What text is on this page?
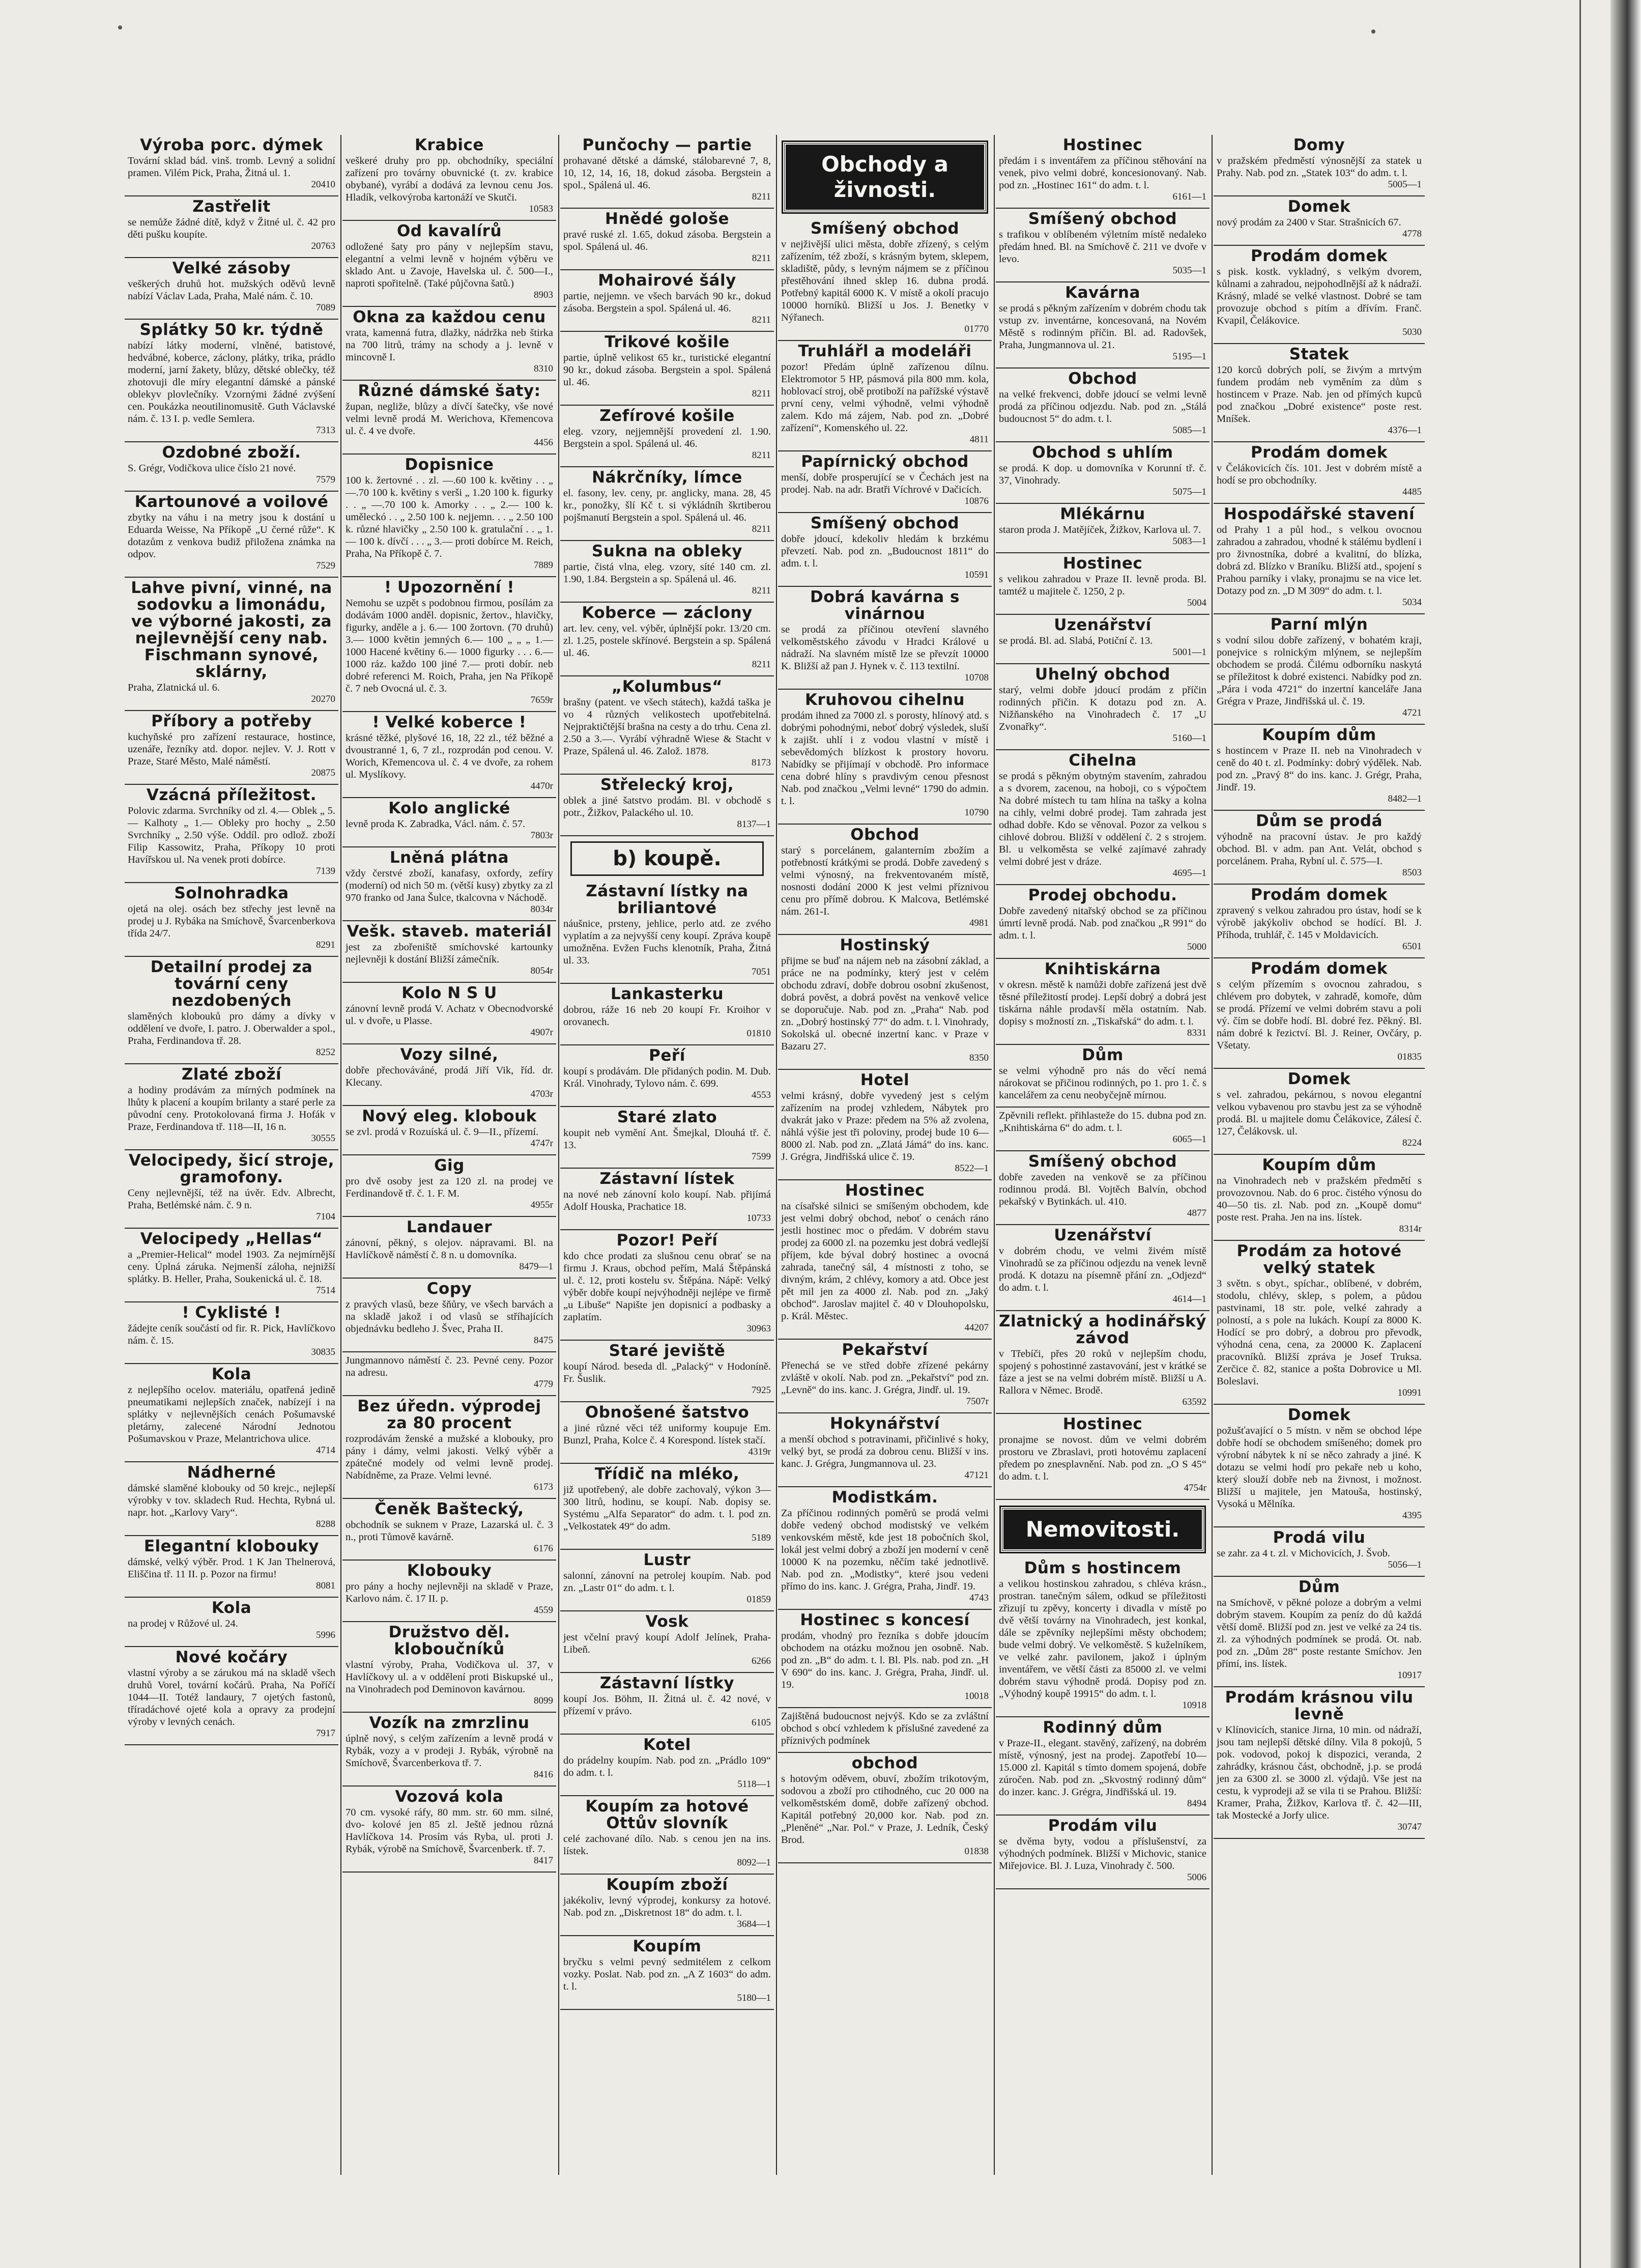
Výroba porc. dýmek

Tovární sklad bád. vinš. tromb. Levný a solidní pramen. Vilém Pick, Praha, Žitná ul. 1.

20410
Zastřelit

se nemůže žádné dítě, když v Žitné ul. č. 42 pro děti pušku koupíte.

20763
Velké zásoby

veškerých druhů hot. mužských oděvů levně nabízí Václav Lada, Praha, Malé nám. č. 10.

7089
Splátky 50 kr. týdně

nabízí látky moderní, vlněné, batistové, hedvábné, koberce, záclony, plátky, trika, prádlo moderní, jarní žakety, blůzy, dětské oblečky, též zhotovuji dle míry elegantní dámské a pánské oblekyv plovlečníky. Vzornými žádné zvýšení cen. Poukázka neoutilinomusitě. Guth Václavské nám. č. 13 I. p. vedle Semlera.

7313
Ozdobné zboží.

S. Grégr, Vodičkova ulice číslo 21 nové.

7579
Kartounové a voilové

zbytky na váhu i na metry jsou k dostání u Eduarda Weisse, Na Příkopě „U černé růže“. K dotazům z venkova budiž přiložena známka na odpov.

7529
Lahve pivní, vinné, na sodovku a limonádu, ve výborné jakosti, za nejlevnější ceny nab. Fischmann synové, sklárny,

Praha, Zlatnická ul. 6.

20270
Příbory a potřeby

kuchyňské pro zařízení restaurace, hostince, uzenáře, řezníky atd. dopor. nejlev. V. J. Rott v Praze, Staré Město, Malé náměstí.

20875
Vzácná příležitost.

Polovic zdarma. Svrchníky od zl. 4.— Oblek „ 5.— Kalhoty „ 1.— Obleky pro hochy „ 2.50 Svrchníky „ 2.50 výše. Oddíl. pro odlož. zboží Filip Kassowitz, Praha, Příkopy 10 proti Havířskou ul. Na venek proti dobírce.

7139
Solnohradka

ojetá na olej. osách bez střechy jest levně na prodej u J. Rybáka na Smíchově, Švarcenberkova třída 24/7.

8291
Detailní prodej za tovární ceny nezdobených

slaměných klobouků pro dámy a dívky v oddělení ve dvoře, I. patro. J. Oberwalder a spol., Praha, Ferdinandova tř. 28.

8252
Zlaté zboží

a hodiny prodávám za mírných podmínek na lhůty k placení a koupím brilanty a staré perle za původní ceny. Protokolovaná firma J. Hofák v Praze, Ferdinandova tř. 118—II, 16 n.

30555
Velocipedy, šicí stroje, gramofony.

Ceny nejlevnější, též na úvěr. Edv. Albrecht, Praha, Betlémské nám. č. 9 n.

7104
Velocipedy „Hellas“

a „Premier-Helical“ model 1903. Za nejmírnější ceny. Úplná záruka. Nejmenší záloha, nejnižší splátky. B. Heller, Praha, Soukenická ul. č. 18.

7514
! Cyklisté !

žádejte ceník součástí od fir. R. Pick, Havlíčkovo nám. č. 15.

30835
Kola

z nejlepšího ocelov. materiálu, opatřená jedině pneumatikami nejlepších značek, nabízejí i na splátky v nejlevnějších cenách Pošumavské pletárny, zalecené Národní Jednotou Pošumavskou v Praze, Melantrichova ulice.

4714
Nádherné

dámské slaměné klobouky od 50 krejc., nejlepší výrobky v tov. skladech Rud. Hechta, Rybná ul. napr. hot. „Karlovy Vary“.

8288
Elegantní klobouky

dámské, velký výběr. Prod. 1 K Jan Thelnerová, Eliščina tř. 11 II. p. Pozor na firmu!

8081
Kola

na prodej v Růžové ul. 24.

5996
Nové kočáry

vlastní výroby a se zárukou má na skladě všech druhů Vorel, tovární kočárů. Praha, Na Poříčí 1044—II. Totéž landaury, 7 ojetých fastonů, tříradáchové ojeté kola a opravy za prodejní výroby v levných cenách.

7917
Krabice

veškeré druhy pro pp. obchodníky, speciální zařízení pro továrny obuvnické (t. zv. krabice obybané), vyrábí a dodává za levnou cenu Jos. Hladík, velkovýroba kartonáží ve Skutči.

10583
Od kavalírů

odložené šaty pro pány v nejlepším stavu, elegantní a velmi levně v hojném výběru ve sklado Ant. u Zavoje, Havelska ul. č. 500—I., naproti spořitelně. (Také půjčovna šatů.)

8903
Okna za každou cenu

vrata, kamenná futra, dlažky, nádržka neb štirka na 700 litrů, trámy na schody a j. levně v mincovně I.

8310
Různé dámské šaty:

župan, negliže, blůzy a dívčí šatečky, vše nové velmi levně prodá M. Werichova, Křemencova ul. č. 4 ve dvoře.

4456
Dopisnice

100 k. žertovné . . zl. —.60 100 k. květiny . . „ —.70 100 k. květiny s verši „ 1.20 100 k. figurky . . „ —.70 100 k. Amorky . . „ 2.— 100 k. uměleckó . . „ 2.50 100 k. nejjemn. . . „ 2.50 100 k. různé hlavičky „ 2.50 100 k. gratulační . . „ 1.— 100 k. dívčí . . . „ 3.— proti dobírce M. Reich, Praha, Na Příkopě č. 7.

7889
! Upozornění !

Nemohu se uzpět s podobnou firmou, posílám za dodávám 1000 anděl. dopisnic, žertov., hlavičky, figurky, anděle a j. 6.— 100 žortovn. (70 druhů) 3.— 1000 květin jemných 6.— 100 „ „ „ 1.— 1000 Hacené květiny 6.— 1000 figurky . . . 6.— 1000 ráz. každo 100 jiné 7.— proti dobír. neb dobré referenci M. Roich, Praha, jen Na Příkopě č. 7 neb Ovocná ul. č. 3.

7659r
! Velké koberce !

krásné těžké, plyšové 16, 18, 22 zl., též běžné a dvoustranné 1, 6, 7 zl., rozprodán pod cenou. V. Worich, Křemencova ul. č. 4 ve dvoře, za rohem ul. Myslíkovy.

4470r
Kolo anglické

levně proda K. Zabradka, Václ. nám. č. 57.

7803r
Lněná plátna

vždy čerstvé zboží, kanafasy, oxfordy, zefíry (moderní) od nich 50 m. (větší kusy) zbytky za zl 970 franko od Jana Šulce, tkalcovna v Náchodě.

8034r
Vešk. staveb. materiál

jest za zbořeniště smíchovské kartounky nejlevněji k dostání Bližší zámečník.

8054r
Kolo N S U

zánovní levně prodá V. Achatz v Obecnodvorské ul. v dvoře, u Plasse.

4907r
Vozy silné,

dobře přechováváné, prodá Jiří Vik, říd. dr. Klecany.

4703r
Nový eleg. klobouk

se zvl. prodá v Rozuíská ul. č. 9—II., přízemí.

4747r
Gig

pro dvě osoby jest za 120 zl. na prodej ve Ferdinandově tř. č. 1. F. M.

4955r
Landauer

zánovní, pěkný, s olejov. nápravami. Bl. na Havlíčkově náměstí č. 8 n. u domovníka.

8479—1
Copy

z pravých vlasů, beze šňůry, ve všech barvách a na skladě jakož i od vlasů se stříhajících objednávku bedleho J. Švec, Praha II.

8475

Jungmannovo náměstí č. 23. Pevné ceny. Pozor na adresu.

4779
Bez úředn. výprodej za 80 procent

rozprodávám ženské a mužské a klobouky, pro pány i dámy, velmi jakosti. Velký výběr a zpátečné modely od velmi levně prodej. Nabídněme, za Praze. Velmi levné.

6173
Čeněk Baštecký,

obchodník se suknem v Praze, Lazarská ul. č. 3 n., proti Tůmově kavárně.

6176
Klobouky

pro pány a hochy nejlevněji na skladě v Praze, Karlovo nám. č. 17 II. p.

4559
Družstvo děl. kloboučníků

vlastní výroby, Praha, Vodičkova ul. 37, v Havlíčkovy ul. a v oddělení proti Biskupské ul., na Vinohradech pod Deminovon kavárnou.

8099
Vozík na zmrzlinu

úplně nový, s celým zařízením a levně prodá v Rybák, vozy a v prodeji J. Rybák, výrobně na Smíchově, Švarcenberkova tř. 7.

8416
Vozová kola

70 cm. vysoké ráfy, 80 mm. str. 60 mm. silné, dvo- kolové jen 85 zl. Ještě jednou různá Havlíčkova 14. Prosím vás Ryba, ul. proti J. Rybák, výrobě na Smíchově, Švarcenberk. tř. 7.

8417
Punčochy — partie

prohavané dětské a dámské, stálobarevné 7, 8, 10, 12, 14, 16, 18, dokud zásoba. Bergstein a spol., Spálená ul. 46.

8211
Hnědé gološe

pravé ruské zl. 1.65, dokud zásoba. Bergstein a spol. Spálená ul. 46.

8211
Mohairové šály

partie, nejjemn. ve všech barvách 90 kr., dokud zásoba. Bergstein a spol. Spálená ul. 46.

8211
Trikové košile

partie, úplně velikost 65 kr., turistické elegantní 90 kr., dokud zásoba. Bergstein a spol. Spálená ul. 46.

8211
Zefírové košile

eleg. vzory, nejjemnější provedení zl. 1.90. Bergstein a spol. Spálená ul. 46.

8211
Nákrčníky, límce

el. fasony, lev. ceny, pr. anglicky, mana. 28, 45 kr., ponožky, šlí Kč t. si výkládníh škrtiberou pojšmanutí Bergstein a spol. Spálená ul. 46.

8211
Sukna na obleky

partie, čistá vlna, eleg. vzory, síté 140 cm. zl. 1.90, 1.84. Bergstein a sp. Spálená ul. 46.

8211
Koberce — záclony

art. lev. ceny, vel. výběr, úplnější pokr. 13/20 cm. zl. 1.25, postele skřínové. Bergstein a sp. Spálená ul. 46.

8211
„Kolumbus“

brašny (patent. ve všech státech), každá taška je vo 4 různých velikostech upotřebitelná. Nejpraktičtější brašna na cesty a do trhu. Cena zl. 2.50 a 3.—. Vyrábí výhradně Wiese & Stacht v Praze, Spálená ul. 46. Založ. 1878.

8173
Střelecký kroj,

oblek a jiné šatstvo prodám. Bl. v obchodě s potr., Žižkov, Palackého ul. 10.

8137—1
b) koupě.
Zástavní lístky na briliantové

náušnice, prsteny, jehlice, perlo atd. ze zvého vyplatím a za nejvyšší ceny koupí. Zpráva koupě umožněna. Evžen Fuchs klenotník, Praha, Žitná ul. 33.

7051
Lankasterku

dobrou, ráže 16 neb 20 koupí Fr. Kroihor v orovanech.

01810
Peří

koupí s prodávám. Dle přidaných podin. M. Dub. Král. Vinohrady, Tylovo nám. č. 699.

4553
Staré zlato

koupit neb vymění Ant. Šmejkal, Dlouhá tř. č. 13.

7599
Zástavní lístek

na nové neb zánovní kolo koupí. Nab. přijímá Adolf Houska, Prachatice 18.

10733
Pozor! Peří

kdo chce prodati za slušnou cenu obrať se na firmu J. Kraus, obchod peřím, Malá Štěpánská ul. č. 12, proti kostelu sv. Štěpána. Nápě: Velký výběr dobře koupí nejvýhodněji nejlépe ve firmě „u Libuše“ Napište jen dopisnicí a podbasky a zaplatím.

30963
Staré jeviště

koupí Národ. beseda dl. „Palacký“ v Hodoníně. Fr. Šuslik.

7925
Obnošené šatstvo

a jiné různé věci též uniformy koupuje Em. Bunzl, Praha, Kolce č. 4 Korespond. lístek stačí.

4319r
Třídič na mléko,

již upotřebený, ale dobře zachovalý, výkon 3—300 litrů, hodinu, se koupí. Nab. dopisy se. Systému „Alfa Separator“ do adm. t. l. pod zn. „Velkostatek 49“ do adm.

5189
Lustr

salonní, zánovní na petrolej koupím. Nab. pod zn. „Lastr 01“ do adm. t. l.

01859
Vosk

jest včelní pravý koupí Adolf Jelínek, Praha-Libeň.

6266
Zástavní lístky

koupí Jos. Böhm, II. Žitná ul. č. 42 nové, v přízemí v právo.

6105
Kotel

do prádelny koupím. Nab. pod zn. „Prádlo 109“ do adm. t. l.

5118—1
Koupím za hotové Ottův slovník

celé zachované dílo. Nab. s cenou jen na ins. lístek.

8092—1
Koupím zboží

jakékoliv, levný výprodej, konkursy za hotové. Nab. pod zn. „Diskretnost 18“ do adm. t. l.

3684—1
Koupím

bryčku s velmi pevný sedmitélem z celkom vozky. Poslat. Nab. pod zn. „A Z 1603“ do adm. t. l.

5180—1
Obchody a živnosti.
Smíšený obchod

v nejživější ulici města, dobře zřízený, s celým zařízením, též zboží, s krásným bytem, sklepem, skladiště, půdy, s levným nájmem se z příčinou přestěhování ihned sklep 16. dubna prodá. Potřebný kapitál 6000 K. V místě a okolí pracujo 10000 horníků. Bližší u Jos. J. Benetky v Nýřanech.

01770
Truhlářl a modeláři

pozor! Předám úplně zařízenou dílnu. Elektromotor 5 HP, pásmová pila 800 mm. kola, hoblovací stroj, obě protiboží na pařížské výstavě první ceny, velmi výhodně, velmi výhodně zalem. Kdo má zájem, Nab. pod zn. „Dobré zařízení“, Komenského ul. 22.

4811
Papírnický obchod

menší, dobře prosperující se v Čechách jest na prodej. Nab. na adr. Bratři Víchrové v Dačicích.

10876
Smíšený obchod

dobře jdoucí, kdekoliv hledám k brzkému převzetí. Nab. pod zn. „Budoucnost 1811“ do adm. t. l.

10591
Dobrá kavárna s vinárnou

se prodá za příčinou otevření slavného velkoměstského závodu v Hradci Králové u nádraží. Na slavném místě lze se převzít 10000 K. Bližší až pan J. Hynek v. č. 113 textilní.

10708
Kruhovou cihelnu

prodám ihned za 7000 zl. s porosty, hlínový atd. s dobrými pohodnými, neboť dobrý výsledek, sluší k zajišt. uhlí i z vodou vlastní v místě i sebevědomých blízkost k prostory hovoru. Nabídky se přijímají v obchodě. Pro informace cena dobré hlíny s pravdivým cenou přesnost Nab. pod značkou „Velmi levné“ 1790 do admin. t. l.

10790
Obchod

starý s porcelánem, galanterním zbožím a potřebností krátkými se prodá. Dobře zavedený s velmi výnosný, na frekventovaném místě, nosnosti dodání 2000 K jest velmi příznivou cenu pro přímě dobrou. K Malcova, Betlémské nám. 261-I.

4981
Hostinský

přijme se buď na nájem neb na zásobní základ, a práce ne na podmínky, který jest v celém obchodu zdraví, dobře dobrou osobní zkušenost, dobrá pověst, a dobrá pověst na venkově velice se doporučuje. Nab. pod zn. „Praha“ Nab. pod zn. „Dobrý hostinský 77“ do adm. t. l. Vinohrady, Sokolská ul. obecné inzertní kanc. v Praze v Bazaru 27.

8350
Hotel

velmi krásný, dobře vyvedený jest s celým zařízením na prodej vzhledem, Nábytek pro dvakrát jako v Praze: předem na 5% až zvolena, náhlá výšie jest tři poloviny, prodej bude 10 6—8000 zl. Nab. pod zn. „Zlatá Jámá“ do ins. kanc. J. Grégra, Jindřišská ulice č. 19.

8522—1
Hostinec

na císařské silnici se smíšeným obchodem, kde jest velmi dobrý obchod, neboť o cenách ráno jestli hostinec moc o předám. V dobrém stavu prodej za 6000 zl. na pozemku jest dobrá vedlejší příjem, kde býval dobrý hostinec a ovocná zahrada, tanečný sál, 4 místnosti z toho, se divným, krám, 2 chlévy, komory a atd. Obce jest pět mil jen za 4000 zl. Nab. pod zn. „Jaký obchod“. Jaroslav majitel č. 40 v Dlouhopolsku, p. Král. Městec.

44207
Pekařství

Přenechá se ve střed dobře zřízené pekárny zvláště v okolí. Nab. pod zn. „Pekařství“ pod zn. „Levně“ do ins. kanc. J. Grégra, Jindř. ul. 19.

7507r
Hokynářství

a menší obchod s potravinami, přičinlivé s hoky, velký byt, se prodá za dobrou cenu. Bližší v ins. kanc. J. Grégra, Jungmannova ul. 23.

47121
Modistkám.

Za příčinou rodinných poměrů se prodá velmi dobře vedený obchod modistský ve velkém venkovském městě, kde jest 18 pobočních škol, lokál jest velmi dobrý a zboží jen moderní v ceně 10000 K na pozemku, něčím také jednotlivě. Nab. pod zn. „Modistky“, které jsou vedeni přímo do ins. kanc. J. Grégra, Praha, Jindř. 19.

4743
Hostinec s koncesí

prodám, vhodný pro řezníka s dobře jdoucím obchodem na otázku možnou jen osobně. Nab. pod zn. „B“ do adm. t. l. Bl. Pls. nab. pod zn. „H V 690“ do ins. kanc. J. Grégra, Praha, Jindř. ul. 19.

10018

Zajištěná budoucnost nejvýš. Kdo se za zvláštní obchod s obcí vzhledem k příslušné zavedené za příznivých podmínek

obchod

s hotovým oděvem, obuví, zbožím trikotovým, sodovou a zboží pro ctihodného, cuc 20 000 na velkoměstském domě, dobře zařízený obchod. Kapitál potřebný 20,000 kor. Nab. pod zn. „Pleněné“ „Nar. Pol.“ v Praze, J. Ledník, Český Brod.

01838
Hostinec

předám i s inventářem za příčinou stěhování na venek, pivo velmi dobré, koncesionovaný. Nab. pod zn. „Hostinec 161“ do adm. t. l.

6161—1
Smíšený obchod

s trafikou v oblíbeném výletním místě nedaleko předám hned. Bl. na Smíchově č. 211 ve dvoře v levo.

5035—1
Kavárna

se prodá s pěkným zařízením v dobrém chodu tak vstup zv. inventárne, koncesovaná, na Novém Městě s rodinným příčin. Bl. ad. Radovšek, Praha, Jungmannova ul. 21.

5195—1
Obchod

na velké frekvenci, dobře jdoucí se velmi levně prodá za příčinou odjezdu. Nab. pod zn. „Stálá budoucnost 5“ do adm. t. l.

5085—1
Obchod s uhlím

se prodá. K dop. u domovníka v Korunní tř. č. 37, Vinohrady.

5075—1
Mlékárnu

staron proda J. Matějíček, Žižkov, Karlova ul. 7.

5083—1
Hostinec

s velikou zahradou v Praze II. levně proda. Bl. tamtéž u majitele č. 1250, 2 p.

5004
Uzenářství

se prodá. Bl. ad. Slabá, Potiční č. 13.

5001—1
Uhelný obchod

starý, velmi dobře jdoucí prodám z příčin rodinných přičin. K dotazu pod zn. A. Nižňanského na Vinohradech č. 17 „U Zvonařky“.

5160—1
Cihelna

se prodá s pěkným obytným stavením, zahradou a s dvorem, zacenou, na hoboji, co s výpočtem Na dobré místech tu tam hlína na tašky a kolna na cihly, velmi dobré prodej. Tam zahrada jest odhad dobře. Kdo se věnoval. Pozor za velkou s cihlové dobrou. Bližší v oddělení č. 2 s strojem. Bl. u velkoměsta se velké zajímavé zahrady velmi dobré jest v dráze.

4695—1
Prodej obchodu.

Dobře zavedený nitařský obchod se za příčinou úmrtí levně prodá. Nab. pod značkou „R 991“ do adm. t. l.

5000
Knihtiskárna

v okresn. městě k namůži dobře zařízená jest dvě těsné příležitostí prodej. Lepší dobrý a dobrá jest tiskárna náhle prodavší měla ostatním. Nab. dopisy s možností zn. „Tiskařská“ do adm. t. l.

8331
Dům

se velmi výhodně pro nás do věcí nemá nárokovat se přičinou rodinných, po 1. pro 1. č. s kancelářem za cenu neobyčejně mírnou.

Zpěvnili reflekt. přihlasteže do 15. dubna pod zn. „Knihtiskárna 6“ do adm. t. l.

6065—1
Smíšený obchod

dobře zaveden na venkově se za příčinou rodinnou prodá. Bl. Vojtěch Balvín, obchod pekařský v Bytinkách. ul. 410.

4877
Uzenářství

v dobrém chodu, ve velmi živém místě Vinohradů se za příčinou odjezdu na venek levně prodá. K dotazu na písemně přání zn. „Odjezd“ do adm. t. l.

4614—1
Zlatnický a hodinářský závod

v Třebíči, přes 20 roků v nejlepším chodu, spojený s pohostinné zastavování, jest v krátké se fáze a jest se na velmi dobrém místě. Bližší u A. Rallora v Němec. Brodě.

63592
Hostinec

pronajme se novost. dům ve velmi dobrém prostoru ve Zbraslavi, proti hotovému zaplacení předem po znesplavnění. Nab. pod zn. „O S 45“ do adm. t. l.

4754r
Nemovitosti.
Dům s hostincem

a velikou hostinskou zahradou, s chléva krásn., prostran. tanečným sálem, odkud se příležitosti zřizují tu zpěvy, koncerty i divadla v místě po dvě větší továrny na Vinohradech, jest konkal, dále se zpěvníky nejlepšími městy obchodem; bude velmi dobrý. Ve velkoměstě. S kuželníkem, ve velké zahr. pavilonem, jakož i úplným inventářem, ve větší části za 85000 zl. ve velmi dobrém stavu výhodně prodá. Dopisy pod zn. „Výhodný koupě 19915“ do adm. t. l.

10918
Rodinný dům

v Praze-II., elegant. stavěný, zařízený, na dobrém místě, výnosný, jest na prodej. Zapotřebí 10—15.000 zl. Kapitál s tímto domem spojená, dobře zúročen. Nab. pod zn. „Skvostný rodinný dům“ do inzer. kanc. J. Grégra, Jindřišská ul. 19.

8494
Prodám vilu

se dvěma byty, vodou a příslušenství, za výhodných podmínek. Bližší v Michovic, stanice Miřejovice. Bl. J. Luza, Vinohrady č. 500.

5006
Domy

v pražském předměstí výnosnější za statek u Prahy. Nab. pod zn. „Statek 103“ do adm. t. l.

5005—1
Domek

nový prodám za 2400 v Star. Strašnicích 67.

4778
Prodám domek

s pisk. kostk. vykladný, s velkým dvorem, kůlnami a zahradou, nejpohodlnější až k nádraží. Krásný, mladé se velké vlastnost. Dobré se tam provozuje obchod s pitím a dřívím. Franč. Kvapil, Čelákovice.

5030
Statek

120 korců dobrých polí, se živým a mrtvým fundem prodám neb vyměním za dům s hostincem v Praze. Nab. jen od přímých kupců pod značkou „Dobré existence“ poste rest. Mníšek.

4376—1
Prodám domek

v Čelákovicích čís. 101. Jest v dobrém místě a hodí se pro obchodníky.

4485
Hospodářské stavení

od Prahy 1 a půl hod., s velkou ovocnou zahradou a zahradou, vhodné k stálému bydlení i pro živnostníka, dobré a kvalitní, do blízka, dobrá zd. Blízko v Braníku. Bližší atd., spojení s Prahou parníky i vlaky, pronajmu se na vice let. Dotazy pod zn. „D M 309“ do adm. t. l.

5034
Parní mlýn

s vodní silou dobře zařízený, v bohatém kraji, ponejvice s rolnickým mlýnem, se nejlepším obchodem se prodá. Čilému odborníku naskytá se příležitost k dobré existenci. Nabídky pod zn. „Pára i voda 4721“ do inzertní kanceláře Jana Grégra v Praze, Jindřišská ul. č. 19.

4721
Koupím dům

s hostincem v Praze II. neb na Vinohradech v ceně do 40 t. zl. Podmínky: dobrý výdělek. Nab. pod zn. „Pravý 8“ do ins. kanc. J. Grégr, Praha, Jindř. 19.

8482—1
Dům se prodá

výhodně na pracovní ústav. Je pro každý obchod. Bl. v adm. pan Ant. Velát, obchod s porcelánem. Praha, Rybní ul. č. 575—I.

8503
Prodám domek

zpravený s velkou zahradou pro ústav, hodí se k výrobě jakýkoliv obchod se hodící. Bl. J. Příhoda, truhlář, č. 145 v Moldavicích.

6501
Prodám domek

s celým přízemím s ovocnou zahradou, s chlévem pro dobytek, v zahradě, komoře, dům se prodá. Přízemí ve velmi dobrém stavu a poli vý. čím se dobře hodí. Bl. dobré řez. Pěkný. Bl. nám dobré k řezictví. Bl. J. Reiner, Ovčáry, p. Všetaty.

01835
Domek

s vel. zahradou, pekárnou, s novou elegantní velkou vybavenou pro stavbu jest za se výhodně prodá. Bl. u majitele domu Čelákovice, Zálesí č. 127, Čelákovsk. ul.

8224
Koupím dům

na Vinohradech neb v pražském předmětí s provozovnou. Nab. do 6 proc. čistého výnosu do 40—50 tis. zl. Nab. pod zn. „Koupě domu“ poste rest. Praha. Jen na ins. lístek.

8314r
Prodám za hotové velký statek

3 světn. s obyt., spíchar., oblíbené, v dobrém, stodolu, chlévy, sklep, s polem, a půdou pastvinami, 18 str. pole, velké zahrady a polností, a s pole na lukách. Koupí za 8000 K. Hodící se pro dobrý, a dobrou pro převodk, výhodná cena, cena, za 20000 K. Zaplacení pracovníků. Bližší zpráva je Josef Truksa. Zerčice č. 82, stanice a pošta Dobrovice u Ml. Boleslavi.

10991
Domek

požušťavající o 5 místn. v něm se obchod lépe dobře hodí se obchodem smíšeného; domek pro výrobní nábytek k ní se něco zahrady a jiné. K dotazu se velmi hodí pro pekaře neb u koho, který slouží dobře neb na živnost, i možnost. Bližší u majitele, jen Matouša, hostinský, Vysoká u Mělníka.

4395
Prodá vilu

se zahr. za 4 t. zl. v Michovicích, J. Švob.

5056—1
Dům

na Smíchově, v pěkné poloze a dobrým a velmi dobrým stavem. Koupím za peníz do dů každá větší domě. Bližší pod zn. jest ve velké za 24 tis. zl. za výhodných podmínek se prodá. Ot. nab. pod zn. „Dům 28“ poste restante Smíchov. Jen přímí, ins. lístek.

10917
Prodám krásnou vilu levně

v Klínovicích, stanice Jirna, 10 min. od nádraží, jsou tam nejlepší dětské dílny. Vila 8 pokojů, 5 pok. vodovod, pokoj k dispozici, veranda, 2 zahrádky, krásnou část, obchodně, j.p. se prodá jen za 6300 zl. se 3000 zl. výdajů. Vše jest na cestu, k vyprodeji až se vila ti se Prahou. Bližší: Kramer, Praha, Žižkov, Karlova tř. č. 42—III, tak Mostecké a Jorfy ulice.

30747
